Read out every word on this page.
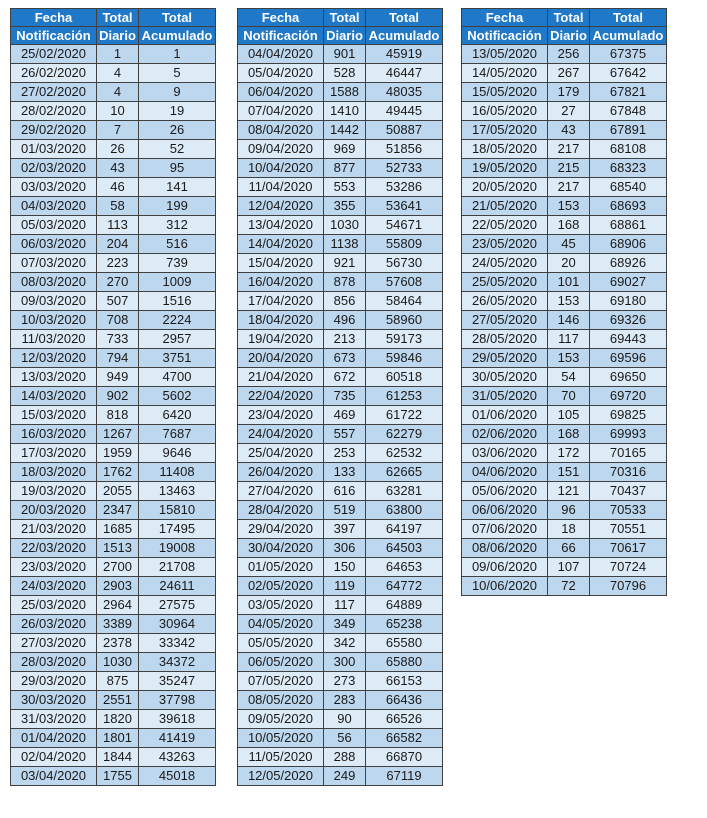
Fecha	Total	Total
Notificación	Diario	Acumulado
25/02/2020	1	1
26/02/2020	4	5
27/02/2020	4	9
28/02/2020	10	19
29/02/2020	7	26
01/03/2020	26	52
02/03/2020	43	95
03/03/2020	46	141
04/03/2020	58	199
05/03/2020	113	312
06/03/2020	204	516
07/03/2020	223	739
08/03/2020	270	1009
09/03/2020	507	1516
10/03/2020	708	2224
11/03/2020	733	2957
12/03/2020	794	3751
13/03/2020	949	4700
14/03/2020	902	5602
15/03/2020	818	6420
16/03/2020	1267	7687
17/03/2020	1959	9646
18/03/2020	1762	11408
19/03/2020	2055	13463
20/03/2020	2347	15810
21/03/2020	1685	17495
22/03/2020	1513	19008
23/03/2020	2700	21708
24/03/2020	2903	24611
25/03/2020	2964	27575
26/03/2020	3389	30964
27/03/2020	2378	33342
28/03/2020	1030	34372
29/03/2020	875	35247
30/03/2020	2551	37798
31/03/2020	1820	39618
01/04/2020	1801	41419
02/04/2020	1844	43263
03/04/2020	1755	45018
Fecha	Total	Total
Notificación	Diario	Acumulado
04/04/2020	901	45919
05/04/2020	528	46447
06/04/2020	1588	48035
07/04/2020	1410	49445
08/04/2020	1442	50887
09/04/2020	969	51856
10/04/2020	877	52733
11/04/2020	553	53286
12/04/2020	355	53641
13/04/2020	1030	54671
14/04/2020	1138	55809
15/04/2020	921	56730
16/04/2020	878	57608
17/04/2020	856	58464
18/04/2020	496	58960
19/04/2020	213	59173
20/04/2020	673	59846
21/04/2020	672	60518
22/04/2020	735	61253
23/04/2020	469	61722
24/04/2020	557	62279
25/04/2020	253	62532
26/04/2020	133	62665
27/04/2020	616	63281
28/04/2020	519	63800
29/04/2020	397	64197
30/04/2020	306	64503
01/05/2020	150	64653
02/05/2020	119	64772
03/05/2020	117	64889
04/05/2020	349	65238
05/05/2020	342	65580
06/05/2020	300	65880
07/05/2020	273	66153
08/05/2020	283	66436
09/05/2020	90	66526
10/05/2020	56	66582
11/05/2020	288	66870
12/05/2020	249	67119
Fecha	Total	Total
Notificación	Diario	Acumulado
13/05/2020	256	67375
14/05/2020	267	67642
15/05/2020	179	67821
16/05/2020	27	67848
17/05/2020	43	67891
18/05/2020	217	68108
19/05/2020	215	68323
20/05/2020	217	68540
21/05/2020	153	68693
22/05/2020	168	68861
23/05/2020	45	68906
24/05/2020	20	68926
25/05/2020	101	69027
26/05/2020	153	69180
27/05/2020	146	69326
28/05/2020	117	69443
29/05/2020	153	69596
30/05/2020	54	69650
31/05/2020	70	69720
01/06/2020	105	69825
02/06/2020	168	69993
03/06/2020	172	70165
04/06/2020	151	70316
05/06/2020	121	70437
06/06/2020	96	70533
07/06/2020	18	70551
08/06/2020	66	70617
09/06/2020	107	70724
10/06/2020	72	70796
